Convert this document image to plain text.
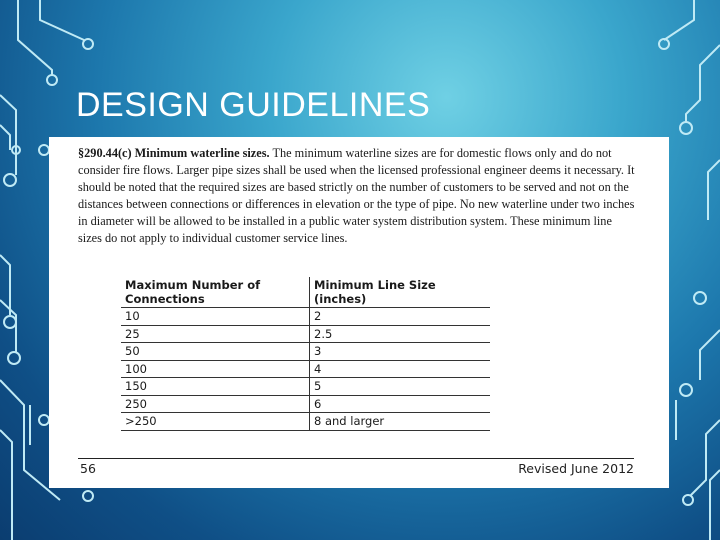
DESIGN GUIDELINES

§290.44(c) Minimum waterline sizes. The minimum waterline sizes are for domestic flows only and do not consider fire flows. Larger pipe sizes shall be used when the licensed professional engineer deems it necessary. It should be noted that the required sizes are based strictly on the number of customers to be served and not on the distances between connections or differences in elevation or the type of pipe. No new waterline under two inches in diameter will be allowed to be installed in a public water system distribution system. These minimum line sizes do not apply to individual customer service lines.

Maximum Number of Connections	Minimum Line Size (inches)
10	2
25	2.5
50	3
100	4
150	5
250	6
>250	8 and larger
56	Revised June 2012
